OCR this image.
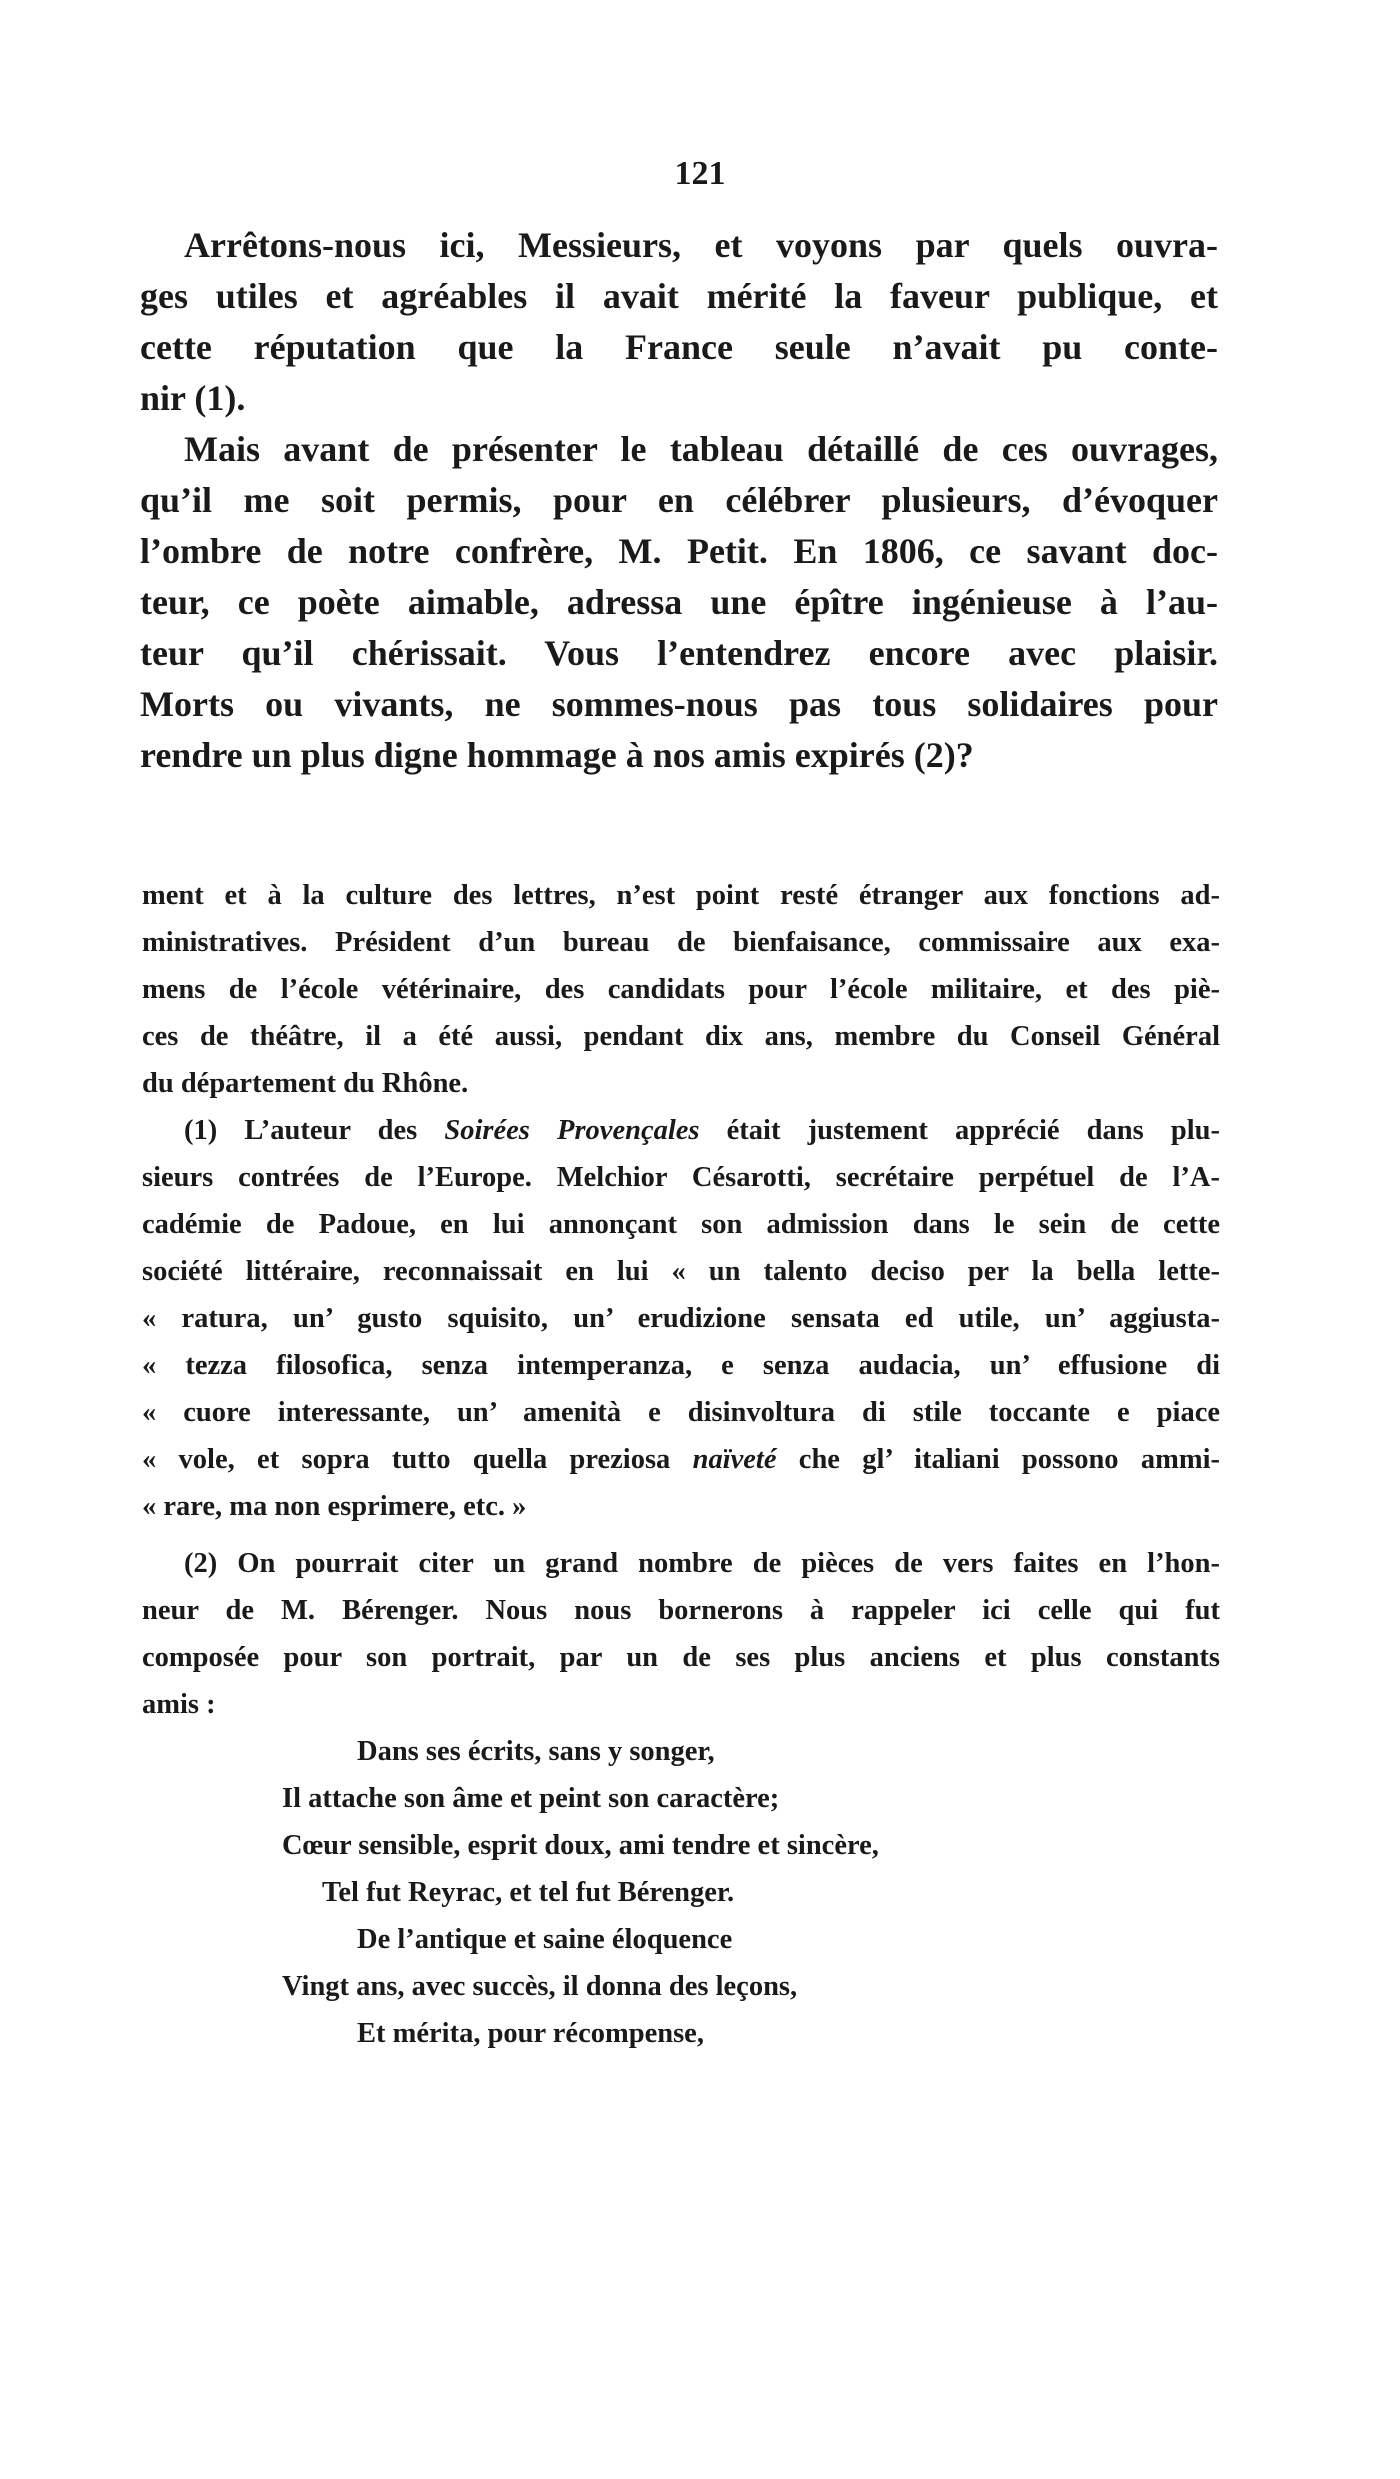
121
Arrêtons-nous ici, Messieurs, et voyons par quels ouvra-
ges utiles et agréables il avait mérité la faveur publique, et
cette réputation que la France seule n’avait pu conte-
nir (1).
Mais avant de présenter le tableau détaillé de ces ouvrages,
qu’il me soit permis, pour en célébrer plusieurs, d’évoquer
l’ombre de notre confrère, M. Petit. En 1806, ce savant doc-
teur, ce poète aimable, adressa une épître ingénieuse à l’au-
teur qu’il chérissait. Vous l’entendrez encore avec plaisir.
Morts ou vivants, ne sommes-nous pas tous solidaires pour
rendre un plus digne hommage à nos amis expirés (2)?
ment et à la culture des lettres, n’est point resté étranger aux fonctions ad-
ministratives. Président d’un bureau de bienfaisance, commissaire aux exa-
mens de l’école vétérinaire, des candidats pour l’école militaire, et des piè-
ces de théâtre, il a été aussi, pendant dix ans, membre du Conseil Général
du département du Rhône.
(1) L’auteur des Soirées Provençales était justement apprécié dans plu-
sieurs contrées de l’Europe. Melchior Césarotti, secrétaire perpétuel de l’A-
cadémie de Padoue, en lui annonçant son admission dans le sein de cette
société littéraire, reconnaissait en lui « un talento deciso per la bella lette-
« ratura, un’ gusto squisito, un’ erudizione sensata ed utile, un’ aggiusta-
« tezza filosofica, senza intemperanza, e senza audacia, un’ effusione di
« cuore interessante, un’ amenità e disinvoltura di stile toccante e piace
« vole, et sopra tutto quella preziosa naïveté che gl’ italiani possono ammi-
« rare, ma non esprimere, etc. »
(2) On pourrait citer un grand nombre de pièces de vers faites en l’hon-
neur de M. Bérenger. Nous nous bornerons à rappeler ici celle qui fut
composée pour son portrait, par un de ses plus anciens et plus constants
amis :
Dans ses écrits, sans y songer,
Il attache son âme et peint son caractère;
Cœur sensible, esprit doux, ami tendre et sincère,
Tel fut Reyrac, et tel fut Bérenger.
De l’antique et saine éloquence
Vingt ans, avec succès, il donna des leçons,
Et mérita, pour récompense,
